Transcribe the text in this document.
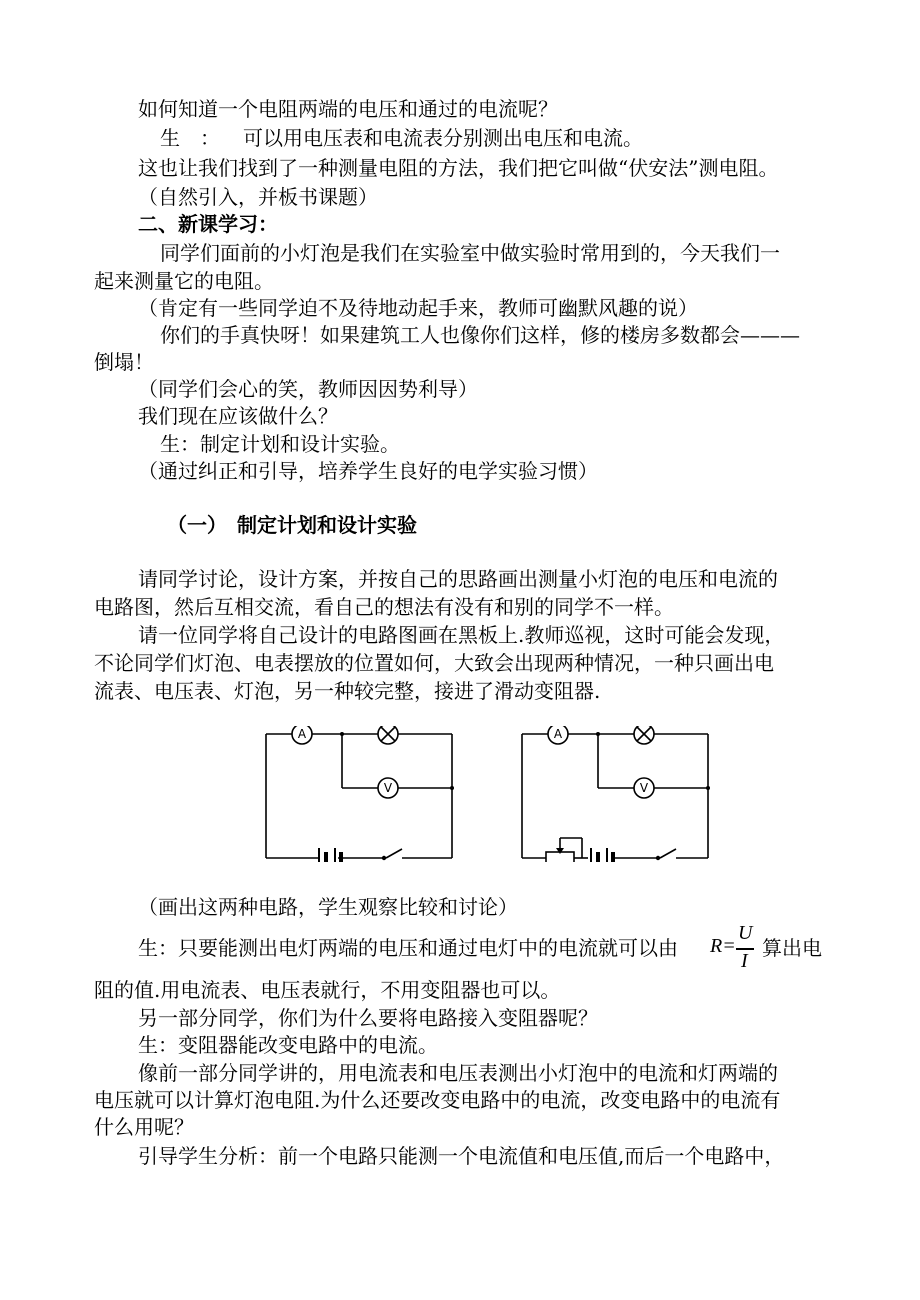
如何知道一个电阻两端的电压和通过的电流呢？
生　： 可以用电压表和电流表分别测出电压和电流。
这也让我们找到了一种测量电阻的方法，我们把它叫做“伏安法”测电阻。
（自然引入，并板书课题）
二、新课学习：
同学们面前的小灯泡是我们在实验室中做实验时常用到的，今天我们一
起来测量它的电阻。
（肯定有一些同学迫不及待地动起手来，教师可幽默风趣的说）
你们的手真快呀！如果建筑工人也像你们这样，修的楼房多数都会———
倒塌！
（同学们会心的笑，教师因因势利导）
我们现在应该做什么？
生：制定计划和设计实验。
（通过纠正和引导，培养学生良好的电学实验习惯）
（一）　制定计划和设计实验
请同学讨论，设计方案，并按自己的思路画出测量小灯泡的电压和电流的
电路图，然后互相交流，看自己的想法有没有和别的同学不一样。
请一位同学将自己设计的电路图画在黑板上.教师巡视，这时可能会发现，
不论同学们灯泡、电表摆放的位置如何，大致会出现两种情况，一种只画出电
流表、电压表、灯泡，另一种较完整，接进了滑动变阻器.
A
V
A
V
（画出这两种电路，学生观察比较和讨论）
生：只要能测出电灯两端的电压和通过电灯中的电流就可以由 R=
U
I
算出电
阻的值.用电流表、电压表就行，不用变阻器也可以。
另一部分同学，你们为什么要将电路接入变阻器呢？
生：变阻器能改变电路中的电流。
像前一部分同学讲的，用电流表和电压表测出小灯泡中的电流和灯两端的
电压就可以计算灯泡电阻.为什么还要改变电路中的电流，改变电路中的电流有
什么用呢？
引导学生分析：前一个电路只能测一个电流值和电压值,而后一个电路中，
